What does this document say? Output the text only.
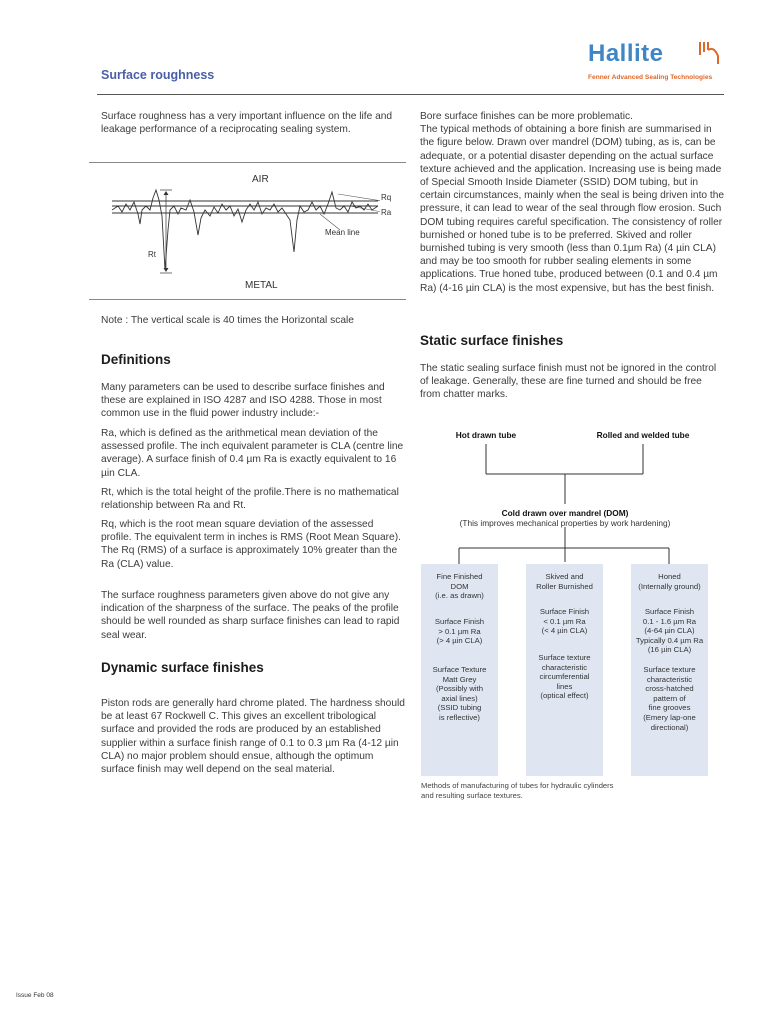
Surface roughness
Hallite
Fenner Advanced Sealing Technologies
Surface roughness has a very important influence on the life and leakage performance of a reciprocating sealing system.
AIR
METAL
Rq
Ra
Mean line
Rt
Note : The vertical scale is 40 times the Horizontal scale
Definitions
Many parameters can be used to describe surface finishes and these are explained in ISO 4287 and ISO 4288. Those in most common use in the fluid power industry include:-
Ra, which is defined as the arithmetical mean deviation of the assessed profile. The inch equivalent parameter is CLA (centre line average). A surface finish of 0.4 µm Ra is exactly equivalent to 16 µin CLA.
Rt, which is the total height of the profile.There is no mathematical relationship between Ra and Rt.
Rq, which is the root mean square deviation of the assessed profile. The equivalent term in inches is RMS (Root Mean Square). The Rq (RMS) of a surface is approximately 10% greater than the Ra (CLA) value.
The surface roughness parameters given above do not give any indication of the sharpness of the surface. The peaks of the profile should be well rounded as sharp surface finishes can lead to rapid seal wear.
Dynamic surface finishes
Piston rods are generally hard chrome plated. The hardness should be at least 67 Rockwell C. This gives an excellent tribological surface and provided the rods are produced by an established supplier within a surface finish range of 0.1 to 0.3 µm Ra (4-12 µin CLA) no major problem should ensue, although the optimum surface finish may well depend on the seal material.
Bore surface finishes can be more problematic.
The typical methods of obtaining a bore finish are summarised in the figure below. Drawn over mandrel (DOM) tubing, as is, can be adequate, or a potential disaster depending on the actual surface texture achieved and the application. Increasing use is being made of Special Smooth Inside Diameter (SSID) DOM tubing, but in certain circumstances, mainly when the seal is being driven into the pressure, it can lead to wear of the seal through flow erosion. Such DOM tubing requires careful specification. The consistency of roller burnished or honed tube is to be preferred. Skived and roller burnished tubing is very smooth (less than 0.1µm Ra) (4 µin CLA) and may be too smooth for rubber sealing elements in some applications. True honed tube, produced between (0.1 and 0.4 µm Ra) (4-16 µin CLA) is the most expensive, but has the best finish.
Static surface finishes
The static sealing surface finish must not be ignored in the control of leakage. Generally, these are fine turned and should be free from chatter marks.
Hot drawn tube	Rolled and welded tube
Cold drawn over mandrel (DOM)
(This improves mechanical properties by work hardening)
Fine Finished
DOM
(i.e. as drawn)
Surface Finish
> 0.1 µm Ra
(> 4 µin CLA)
Surface Texture
Matt Grey
(Possibly with
axial lines)
(SSID tubing
is reflective)
Skived and
Roller Burnished
Surface Finish
< 0.1 µm Ra
(< 4 µin CLA)
Surface texture
characteristic
circumferential
lines
(optical effect)
Honed
(Internally ground)
Surface Finish
0.1 - 1.6 µm Ra
(4-64 µin CLA)
Typically 0.4 µm Ra
(16 µin CLA)
Surface texture
characteristic
cross-hatched
pattern of
fine grooves
(Emery lap-one
directional)
Methods of manufacturing of tubes for hydraulic cylinders and resulting surface textures.
Issue Feb 08
